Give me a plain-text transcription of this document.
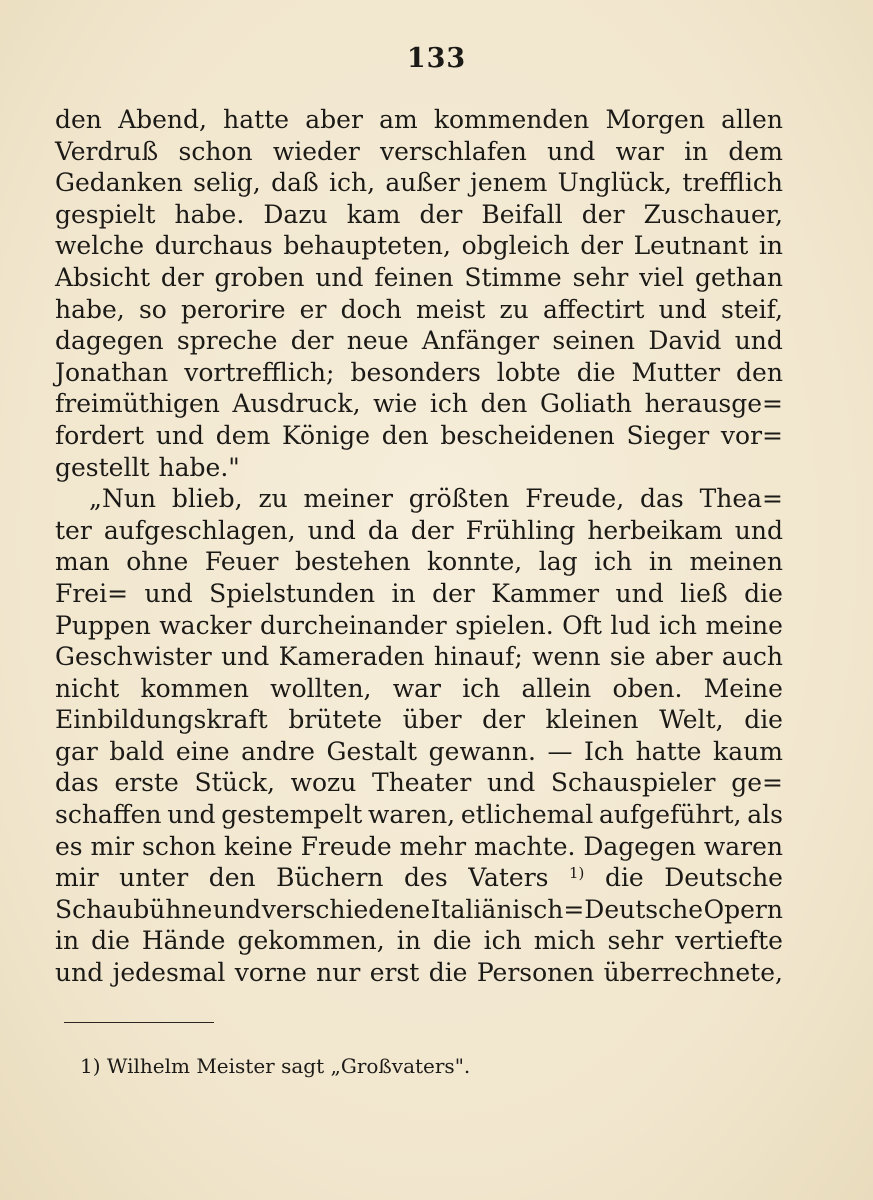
133
den Abend, hatte aber am kommenden Morgen allen
Verdruß schon wieder verschlafen und war in dem
Gedanken selig, daß ich, außer jenem Unglück, trefflich
gespielt habe. Dazu kam der Beifall der Zuschauer,
welche durchaus behaupteten, obgleich der Leutnant in
Absicht der groben und feinen Stimme sehr viel gethan
habe, so perorire er doch meist zu affectirt und steif,
dagegen spreche der neue Anfänger seinen David und
Jonathan vortrefflich; besonders lobte die Mutter den
freimüthigen Ausdruck, wie ich den Goliath herausge=
fordert und dem Könige den bescheidenen Sieger vor=
gestellt habe."
„Nun blieb, zu meiner größten Freude, das Thea=
ter aufgeschlagen, und da der Frühling herbeikam und
man ohne Feuer bestehen konnte, lag ich in meinen
Frei= und Spielstunden in der Kammer und ließ die
Puppen wacker durcheinander spielen. Oft lud ich meine
Geschwister und Kameraden hinauf; wenn sie aber auch
nicht kommen wollten, war ich allein oben. Meine
Einbildungskraft brütete über der kleinen Welt, die
gar bald eine andre Gestalt gewann. — Ich hatte kaum
das erste Stück, wozu Theater und Schauspieler ge=
schaffen und gestempelt waren, etlichemal aufgeführt, als
es mir schon keine Freude mehr machte. Dagegen waren
mir unter den Büchern des Vaters $^{1)}$ die Deutsche
Schaubühne und verschiedene Italiänisch=Deutsche Opern
in die Hände gekommen, in die ich mich sehr vertiefte
und jedesmal vorne nur erst die Personen überrechnete,
1) Wilhelm Meister sagt „Großvaters".
